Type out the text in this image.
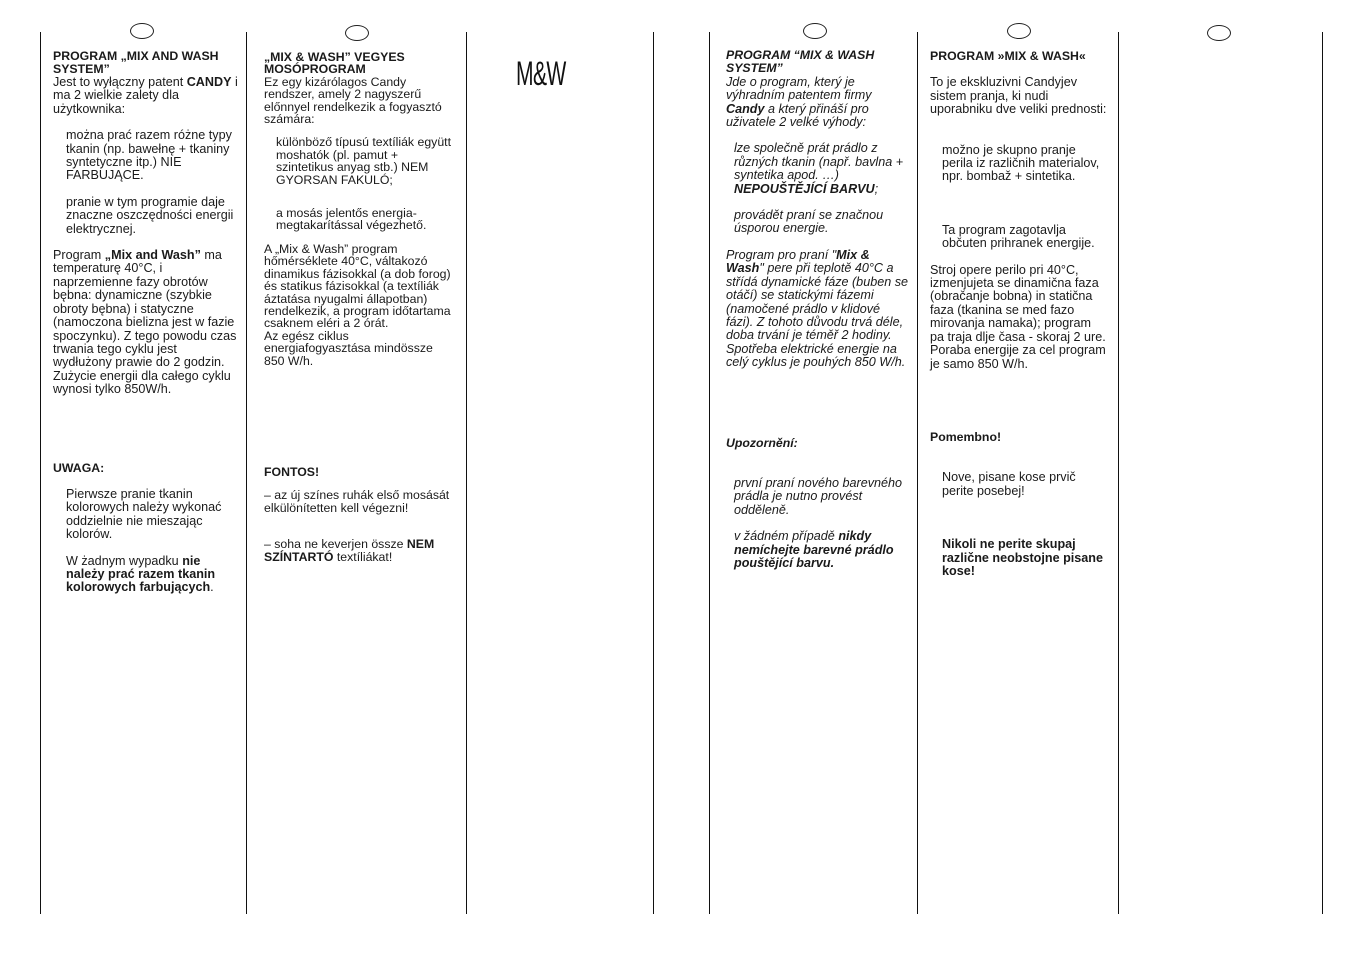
M&W

PROGRAM „MIX AND WASH SYSTEM”

Jest to wyłączny patent CANDY i ma 2 wielkie zalety dla użytkownika:

można prać razem różne typy tkanin (np. bawełnę + tkaniny syntetyczne itp.) NIE FARBUJĄCE.

pranie w tym programie daje znaczne oszczędności energii elektrycznej.

Program „Mix and Wash” ma temperaturę 40°C, i naprzemienne fazy obrotów bębna: dynamiczne (szybkie obroty bębna) i statyczne (namoczona bielizna jest w fazie spoczynku). Z tego powodu czas trwania tego cyklu jest wydłużony prawie do 2 godzin.

Zużycie energii dla całego cyklu wynosi tylko 850W/h.

UWAGA:

Pierwsze pranie tkanin kolorowych należy wykonać oddzielnie nie mieszając kolorów.

W żadnym wypadku nie należy prać razem tkanin kolorowych farbujących.

„MIX & WASH” VEGYES MOSÓPROGRAM

Ez egy kizárólagos Candy rendszer, amely 2 nagyszerű előnnyel rendelkezik a fogyasztó számára:

különböző típusú textíliák együtt moshatók (pl. pamut + szintetikus anyag stb.) NEM GYORSAN FAKULÓ;

a mosás jelentős energia-megtakarítással végezhető.

A „Mix & Wash” program hőmérséklete 40°C, váltakozó dinamikus fázisokkal (a dob forog) és statikus fázisokkal (a textíliák áztatása nyugalmi állapotban) rendelkezik, a program időtartama csaknem eléri a 2 órát.

Az egész ciklus energiafogyasztása mindössze 850 W/h.

FONTOS!

– az új színes ruhák első mosását elkülönítetten kell végezni!

– soha ne keverjen össze NEM SZÍNTARTÓ textíliákat!

PROGRAM “MIX & WASH SYSTEM”

Jde o program, který je výhradním patentem firmy Candy a který přináší pro uživatele 2 velké výhody:

lze společně prát prádlo z různých tkanin (např. bavlna + syntetika apod. …) NEPOUŠTĚJÍCÍ BARVU;

provádět praní se značnou úsporou energie.

Program pro praní "Mix & Wash" pere při teplotě 40°C a střídá dynamické fáze (buben se otáčí) se statickými fázemi (namočené prádlo v klidové fázi). Z tohoto důvodu trvá déle, doba trvání je téměř 2 hodiny.

Spotřeba elektrické energie na celý cyklus je pouhých 850 W/h.

Upozornění:

první praní nového barevného prádla je nutno provést odděleně.

v žádném případě nikdy nemíchejte barevné prádlo pouštějící barvu.

PROGRAM »MIX & WASH«

To je ekskluzivni Candyjev sistem pranja, ki nudi uporabniku dve veliki prednosti:

možno je skupno pranje perila iz različnih materialov, npr. bombaž + sintetika.

Ta program zagotavlja občuten prihranek energije.

Stroj opere perilo pri 40°C, izmenjujeta se dinamična faza (obračanje bobna) in statična faza (tkanina se med fazo mirovanja namaka); program pa traja dlje časa - skoraj 2 ure.

Poraba energije za cel program je samo 850 W/h.

Pomembno!

Nove, pisane kose prvič perite posebej!

Nikoli ne perite skupaj različne neobstojne pisane kose!
